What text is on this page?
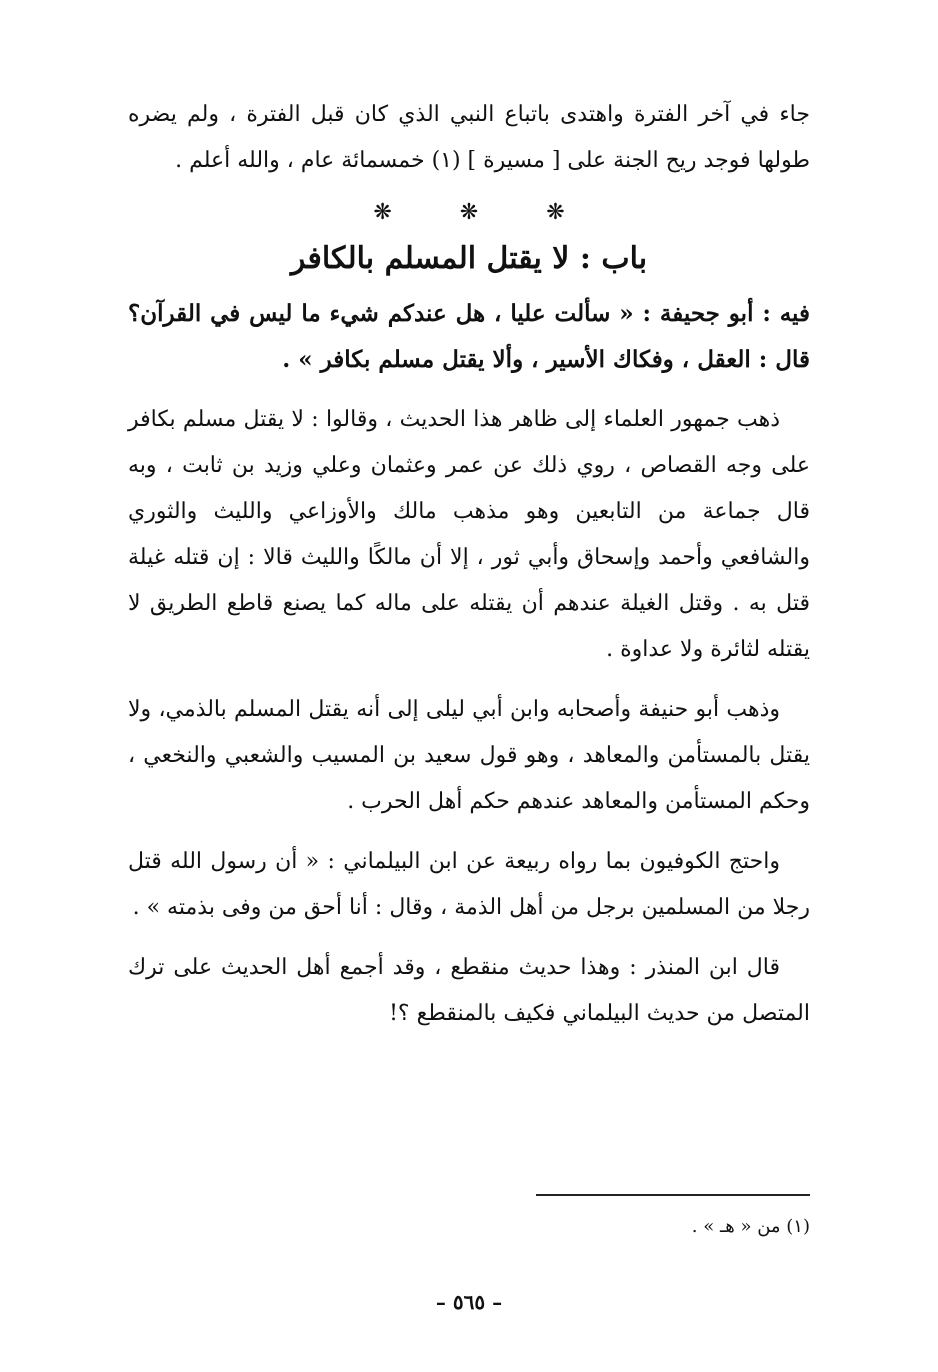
جاء في آخر الفترة واهتدى باتباع النبي الذي كان قبل الفترة ، ولم يضره طولها فوجد ريح الجنة على [ مسيرة ] (١) خمسمائة عام ، والله أعلم .

❋	❋	❋
باب : لا يقتل المسلم بالكافر

فيه : أبو جحيفة : « سألت عليا ، هل عندكم شيء ما ليس في القرآن؟ قال : العقل ، وفكاك الأسير ، وألا يقتل مسلم بكافر » .

ذهب جمهور العلماء إلى ظاهر هذا الحديث ، وقالوا : لا يقتل مسلم بكافر على وجه القصاص ، روي ذلك عن عمر وعثمان وعلي وزيد بن ثابت ، وبه قال جماعة من التابعين وهو مذهب مالك والأوزاعي والليث والثوري والشافعي وأحمد وإسحاق وأبي ثور ، إلا أن مالكًا والليث قالا : إن قتله غيلة قتل به . وقتل الغيلة عندهم أن يقتله على ماله كما يصنع قاطع الطريق لا يقتله لثائرة ولا عداوة .

وذهب أبو حنيفة وأصحابه وابن أبي ليلى إلى أنه يقتل المسلم بالذمي، ولا يقتل بالمستأمن والمعاهد ، وهو قول سعيد بن المسيب والشعبي والنخعي ، وحكم المستأمن والمعاهد عندهم حكم أهل الحرب .

واحتج الكوفيون بما رواه ربيعة عن ابن البيلماني : « أن رسول الله قتل رجلا من المسلمين برجل من أهل الذمة ، وقال : أنا أحق من وفى بذمته » .

قال ابن المنذر : وهذا حديث منقطع ، وقد أجمع أهل الحديث على ترك المتصل من حديث البيلماني فكيف بالمنقطع ؟!

(١) من « هـ » .
– ٥٦٥ –
